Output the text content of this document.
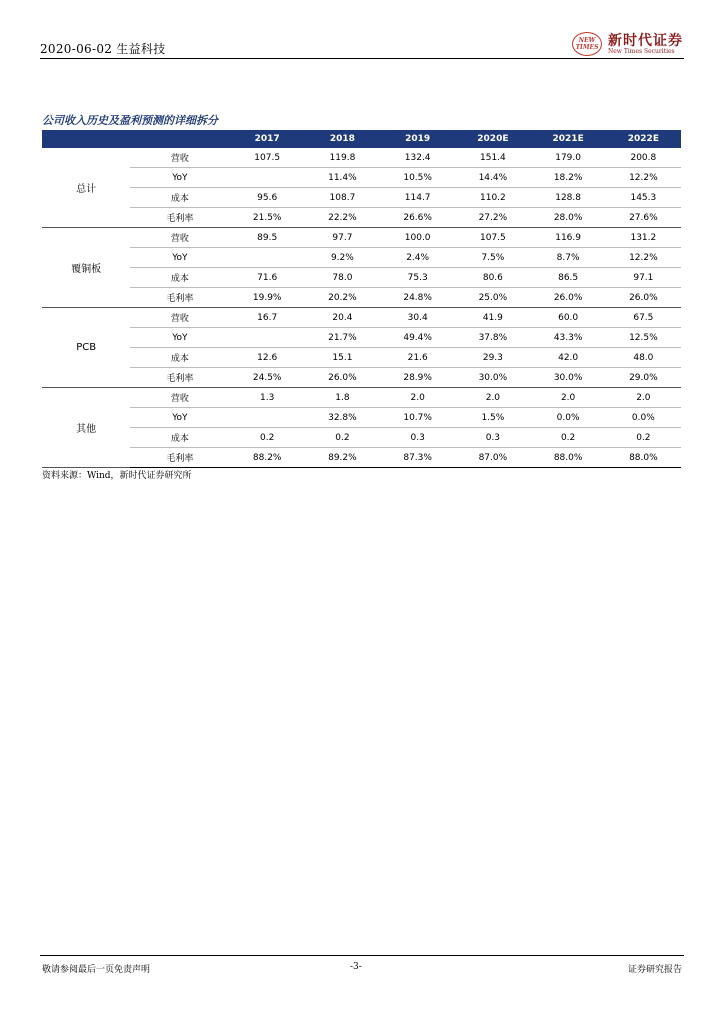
2020-06-02 生益科技
NEW TIMES 新时代证券
New Times Securities
公司收入历史及盈利预测的详细拆分
		2017	2018	2019	2020E	2021E	2022E
总计	营收	107.5	119.8	132.4	151.4	179.0	200.8
	YoY		11.4%	10.5%	14.4%	18.2%	12.2%
	成本	95.6	108.7	114.7	110.2	128.8	145.3
	毛利率	21.5%	22.2%	26.6%	27.2%	28.0%	27.6%
覆铜板	营收	89.5	97.7	100.0	107.5	116.9	131.2
	YoY		9.2%	2.4%	7.5%	8.7%	12.2%
	成本	71.6	78.0	75.3	80.6	86.5	97.1
	毛利率	19.9%	20.2%	24.8%	25.0%	26.0%	26.0%
PCB	营收	16.7	20.4	30.4	41.9	60.0	67.5
	YoY		21.7%	49.4%	37.8%	43.3%	12.5%
	成本	12.6	15.1	21.6	29.3	42.0	48.0
	毛利率	24.5%	26.0%	28.9%	30.0%	30.0%	29.0%
其他	营收	1.3	1.8	2.0	2.0	2.0	2.0
	YoY		32.8%	10.7%	1.5%	0.0%	0.0%
	成本	0.2	0.2	0.3	0.3	0.2	0.2
	毛利率	88.2%	89.2%	87.3%	87.0%	88.0%	88.0%
资料来源：Wind，新时代证券研究所
敬请参阅最后一页免责声明	-3-	证券研究报告
